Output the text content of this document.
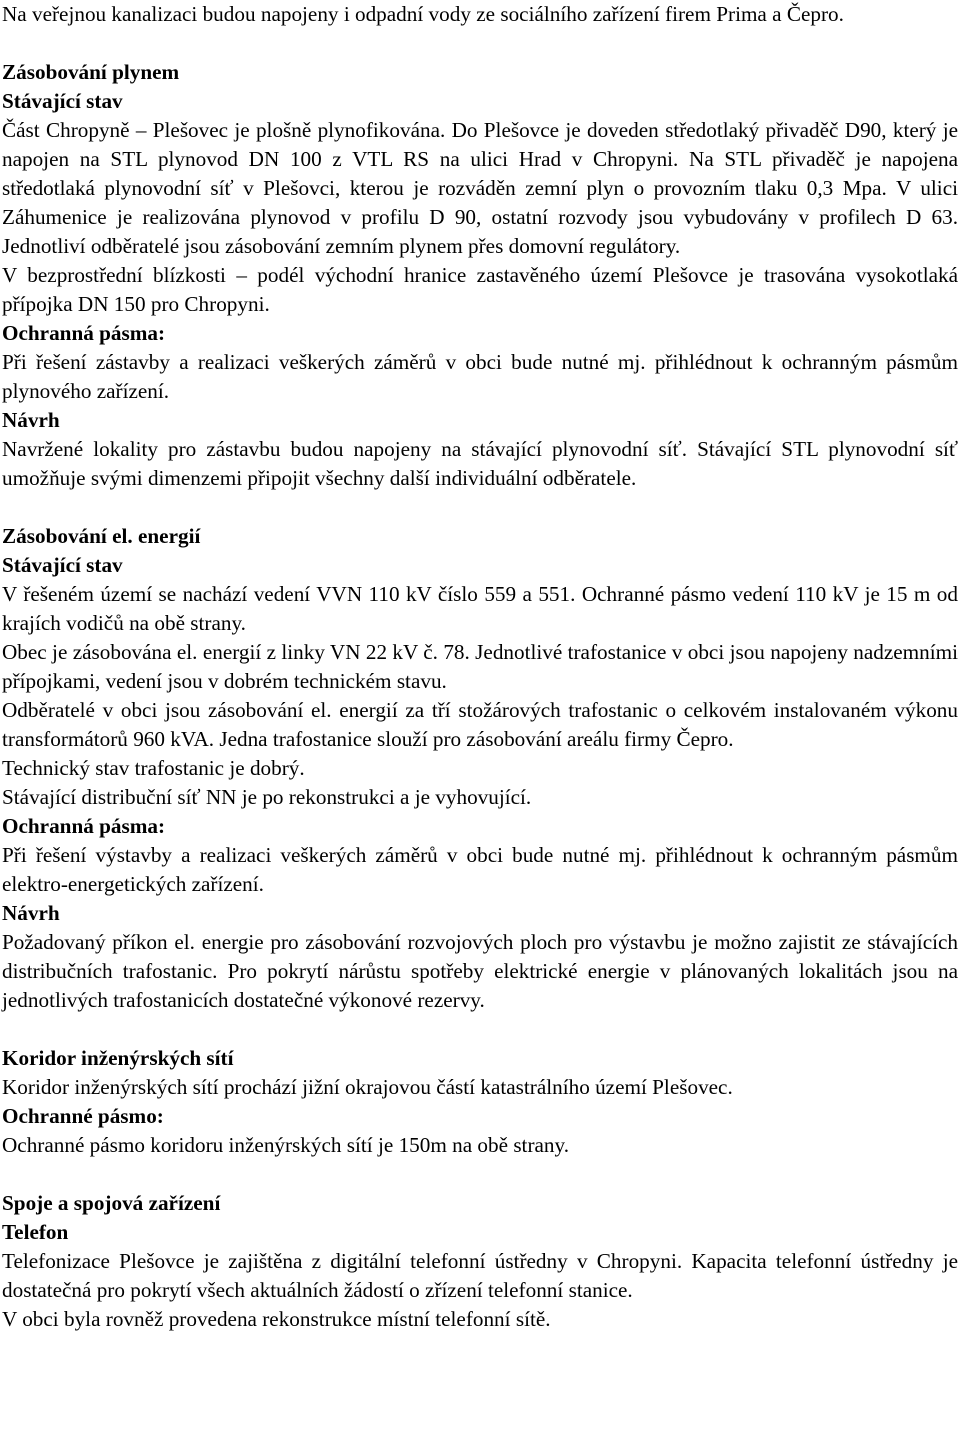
Na veřejnou kanalizaci budou napojeny i odpadní vody ze sociálního zařízení firem Prima a Čepro.
Zásobování plynem
Stávající stav
Část Chropyně – Plešovec je plošně plynofikována. Do Plešovce je doveden středotlaký přivaděč D90, který je napojen na STL plynovod DN 100 z VTL RS na ulici Hrad v Chropyni. Na STL přivaděč je napojena středotlaká plynovodní síť v Plešovci, kterou je rozváděn zemní plyn o provozním tlaku 0,3 Mpa. V ulici Záhumenice je realizována plynovod v profilu D 90, ostatní rozvody jsou vybudovány v profilech D 63. Jednotliví odběratelé jsou zásobování zemním plynem přes domovní regulátory.
V bezprostřední blízkosti – podél východní hranice zastavěného území Plešovce je trasována vysokotlaká přípojka DN 150 pro Chropyni.
Ochranná pásma:
Při řešení zástavby a realizaci veškerých záměrů v obci bude nutné mj. přihlédnout k ochranným pásmům plynového zařízení.
Návrh
Navržené lokality pro zástavbu budou napojeny na stávající plynovodní síť. Stávající STL plynovodní síť umožňuje svými dimenzemi připojit všechny další individuální odběratele.
Zásobování el. energií
Stávající stav
V řešeném území se nachází vedení VVN 110 kV číslo 559 a 551. Ochranné pásmo vedení 110 kV je 15 m od krajích vodičů na obě strany.
Obec je zásobována el. energií z linky VN 22 kV č. 78. Jednotlivé trafostanice v obci jsou napojeny nadzemními přípojkami, vedení jsou v dobrém technickém stavu.
Odběratelé v obci jsou zásobování el. energií za tří stožárových trafostanic o celkovém instalovaném výkonu transformátorů 960 kVA. Jedna trafostanice slouží pro zásobování areálu firmy Čepro.
Technický stav trafostanic je dobrý.
Stávající distribuční síť NN je po rekonstrukci a je vyhovující.
Ochranná pásma:
Při řešení výstavby a realizaci veškerých záměrů v obci bude nutné mj. přihlédnout k ochranným pásmům elektro-energetických zařízení.
Návrh
Požadovaný příkon el. energie pro zásobování rozvojových ploch pro výstavbu je možno zajistit ze stávajících distribučních trafostanic. Pro pokrytí nárůstu spotřeby elektrické energie v plánovaných lokalitách jsou na jednotlivých trafostanicích dostatečné výkonové rezervy.
Koridor inženýrských sítí
Koridor inženýrských sítí prochází jižní okrajovou částí katastrálního území Plešovec.
Ochranné pásmo:
Ochranné pásmo koridoru inženýrských sítí je 150m na obě strany.
Spoje a spojová zařízení
Telefon
Telefonizace Plešovce je zajištěna z digitální telefonní ústředny v Chropyni. Kapacita telefonní ústředny je dostatečná pro pokrytí všech aktuálních žádostí o zřízení telefonní stanice.
V obci byla rovněž provedena rekonstrukce místní telefonní sítě.
